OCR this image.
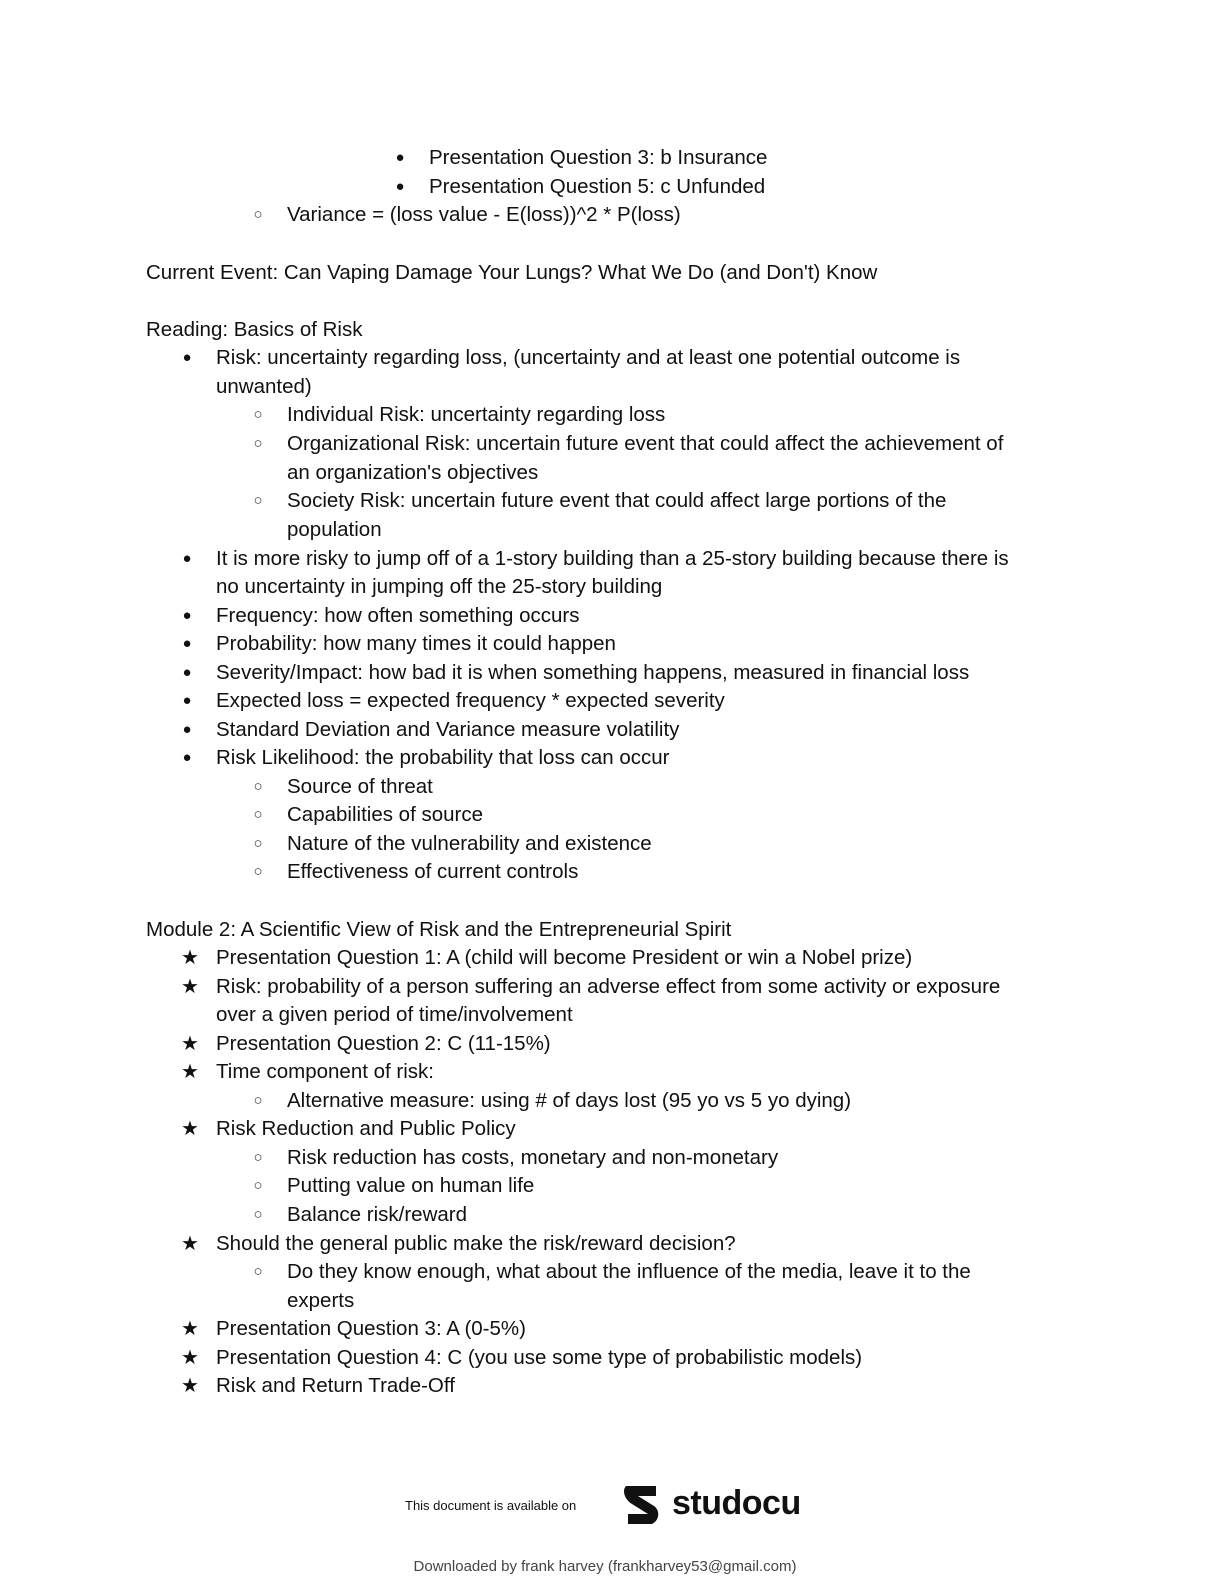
●	Presentation Question 3: b Insurance
●	Presentation Question 5: c Unfunded
○	Variance = (loss value - E(loss))^2 * P(loss)
Current Event: Can Vaping Damage Your Lungs? What We Do (and Don't) Know
Reading: Basics of Risk
●	Risk: uncertainty regarding loss, (uncertainty and at least one potential outcome is
unwanted)
○	Individual Risk: uncertainty regarding loss
○	Organizational Risk: uncertain future event that could affect the achievement of
an organization's objectives
○	Society Risk: uncertain future event that could affect large portions of the
population
●	It is more risky to jump off of a 1-story building than a 25-story building because there is
no uncertainty in jumping off the 25-story building
●	Frequency: how often something occurs
●	Probability: how many times it could happen
●	Severity/Impact: how bad it is when something happens, measured in financial loss
●	Expected loss = expected frequency * expected severity
●	Standard Deviation and Variance measure volatility
●	Risk Likelihood: the probability that loss can occur
○	Source of threat
○	Capabilities of source
○	Nature of the vulnerability and existence
○	Effectiveness of current controls
Module 2: A Scientific View of Risk and the Entrepreneurial Spirit
★ Presentation Question 1: A (child will become President or win a Nobel prize)
★ Risk: probability of a person suffering an adverse effect from some activity or exposure
over a given period of time/involvement
★ Presentation Question 2: C (11-15%)
★ Time component of risk:
○	Alternative measure: using # of days lost (95 yo vs 5 yo dying)
★ Risk Reduction and Public Policy
○	Risk reduction has costs, monetary and non-monetary
○	Putting value on human life
○	Balance risk/reward
★ Should the general public make the risk/reward decision?
○	Do they know enough, what about the influence of the media, leave it to the
experts
★ Presentation Question 3: A (0-5%)
★ Presentation Question 4: C (you use some type of probabilistic models)
★ Risk and Return Trade-Off
This document is available on	studocu
Downloaded by frank harvey (frankharvey53@gmail.com)
